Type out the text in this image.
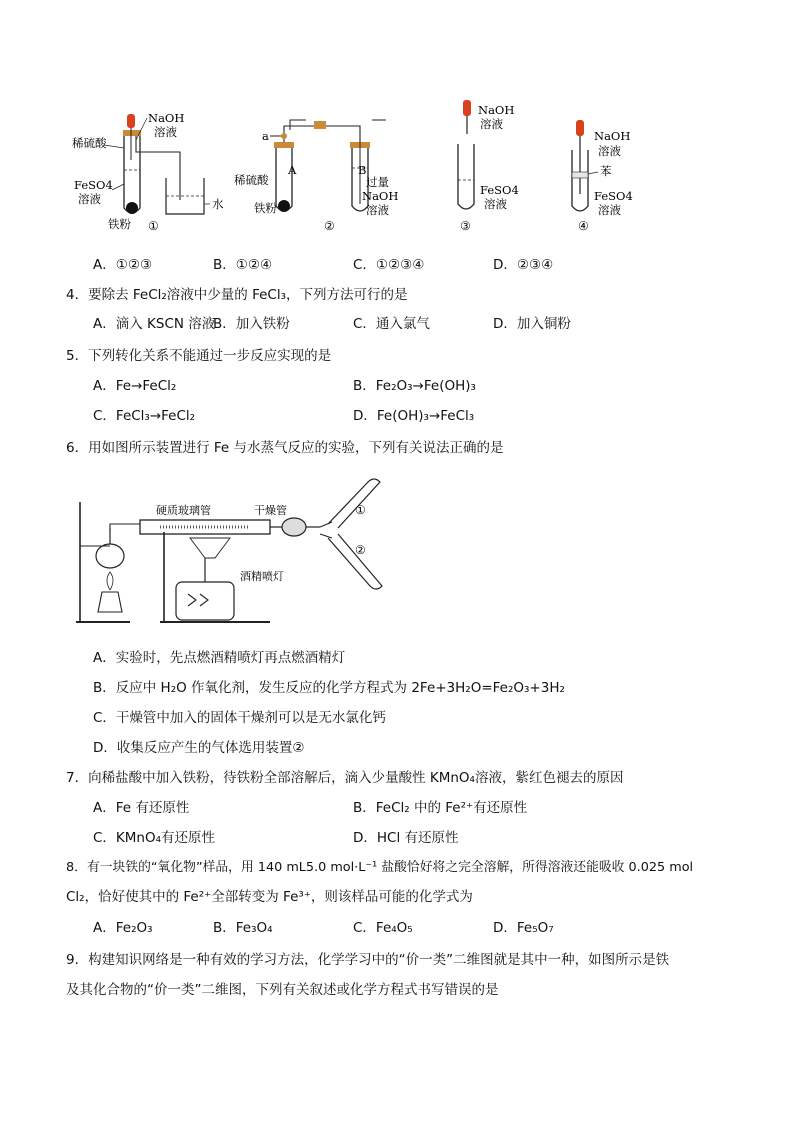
稀硫酸
NaOH
溶液
FeSO4
溶液
铁粉
水
①
a
A	B
稀硫酸
铁粉
过量
NaOH
溶液
②
NaOH
溶液
FeSO4
溶液
③
NaOH
溶液
苯
FeSO4
溶液
④
A．①②③	B．①②④	C．①②③④	D．②③④
4．要除去 FeCl₂溶液中少量的 FeCl₃，下列方法可行的是
A．滴入 KSCN 溶液
B．加入铁粉	C．通入氯气	D．加入铜粉
5．下列转化关系不能通过一步反应实现的是
A．Fe→FeCl₂	B．Fe₂O₃→Fe(OH)₃
C．FeCl₃→FeCl₂	D．Fe(OH)₃→FeCl₃
6．用如图所示装置进行 Fe 与水蒸气反应的实验，下列有关说法正确的是
硬质玻璃管	干燥管
酒精喷灯
①
②
A．实验时，先点燃酒精喷灯再点燃酒精灯
B．反应中 H₂O 作氧化剂，发生反应的化学方程式为 2Fe+3H₂O=Fe₂O₃+3H₂
C．干燥管中加入的固体干燥剂可以是无水氯化钙
D．收集反应产生的气体选用装置②
7．向稀盐酸中加入铁粉，待铁粉全部溶解后，滴入少量酸性 KMnO₄溶液，紫红色褪去的原因
A．Fe 有还原性	B．FeCl₂ 中的 Fe²⁺有还原性
C．KMnO₄有还原性	D．HCl 有还原性
8．有一块铁的“氧化物”样品，用 140 mL5.0 mol·L⁻¹ 盐酸恰好将之完全溶解，所得溶液还能吸收 0.025 mol
Cl₂，恰好使其中的 Fe²⁺全部转变为 Fe³⁺，则该样品可能的化学式为
A．Fe₂O₃	B．Fe₃O₄	C．Fe₄O₅	D．Fe₅O₇
9．构建知识网络是一种有效的学习方法，化学学习中的“价一类”二维图就是其中一种，如图所示是铁
及其化合物的“价一类”二维图，下列有关叙述或化学方程式书写错误的是
